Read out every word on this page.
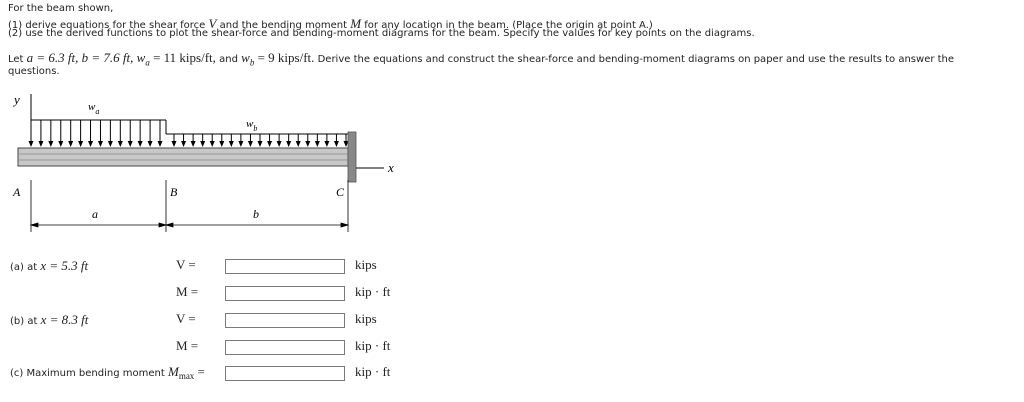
For the beam shown,
(1) derive equations for the shear force V and the bending moment M for any location in the beam. (Place the origin at point A.)
(2) use the derived functions to plot the shear-force and bending-moment diagrams for the beam. Specify the values for key points on the diagrams.
Let a = 6.3 ft, b = 7.6 ft, $w_a = 11$ kips/ft, and $w_b = 9$ kips/ft. Derive the equations and construct the shear-force and bending-moment diagrams on paper and use the results to answer the
questions.
y	$w_a$
$w_b$
x
A	B	C
a	b
(a) at x = 5.3 ft	V =	kips
M =	kip · ft
(b) at x = 8.3 ft	V =	kips
M =	kip · ft
(c) Maximum bending moment $M_{max}$ =	kip · ft
